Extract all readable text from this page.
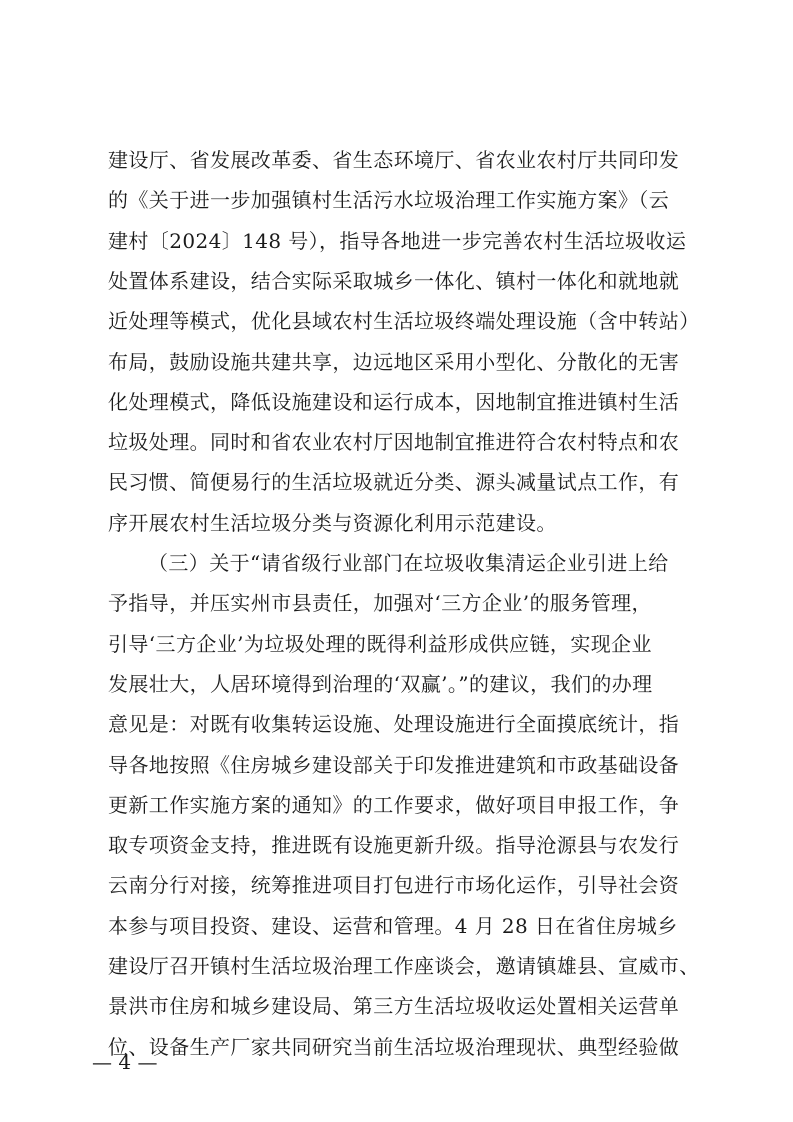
建设厅、省发展改革委、省生态环境厅、省农业农村厅共同印发
的《关于进一步加强镇村生活污水垃圾治理工作实施方案》（云
建村〔2024〕148 号），指导各地进一步完善农村生活垃圾收运
处置体系建设，结合实际采取城乡一体化、镇村一体化和就地就
近处理等模式，优化县域农村生活垃圾终端处理设施（含中转站）
布局，鼓励设施共建共享，边远地区采用小型化、分散化的无害
化处理模式，降低设施建设和运行成本，因地制宜推进镇村生活
垃圾处理。同时和省农业农村厅因地制宜推进符合农村特点和农
民习惯、简便易行的生活垃圾就近分类、源头减量试点工作，有
序开展农村生活垃圾分类与资源化利用示范建设。
（三）关于“请省级行业部门在垃圾收集清运企业引进上给
予指导，并压实州市县责任，加强对‘三方企业’的服务管理，
引导‘三方企业’为垃圾处理的既得利益形成供应链，实现企业
发展壮大，人居环境得到治理的‘双赢’。”的建议，我们的办理
意见是：对既有收集转运设施、处理设施进行全面摸底统计，指
导各地按照《住房城乡建设部关于印发推进建筑和市政基础设备
更新工作实施方案的通知》的工作要求，做好项目申报工作，争
取专项资金支持，推进既有设施更新升级。指导沧源县与农发行
云南分行对接，统筹推进项目打包进行市场化运作，引导社会资
本参与项目投资、建设、运营和管理。4 月 28 日在省住房城乡
建设厅召开镇村生活垃圾治理工作座谈会，邀请镇雄县、宣威市、
景洪市住房和城乡建设局、第三方生活垃圾收运处置相关运营单
位、设备生产厂家共同研究当前生活垃圾治理现状、典型经验做
— 4 —
